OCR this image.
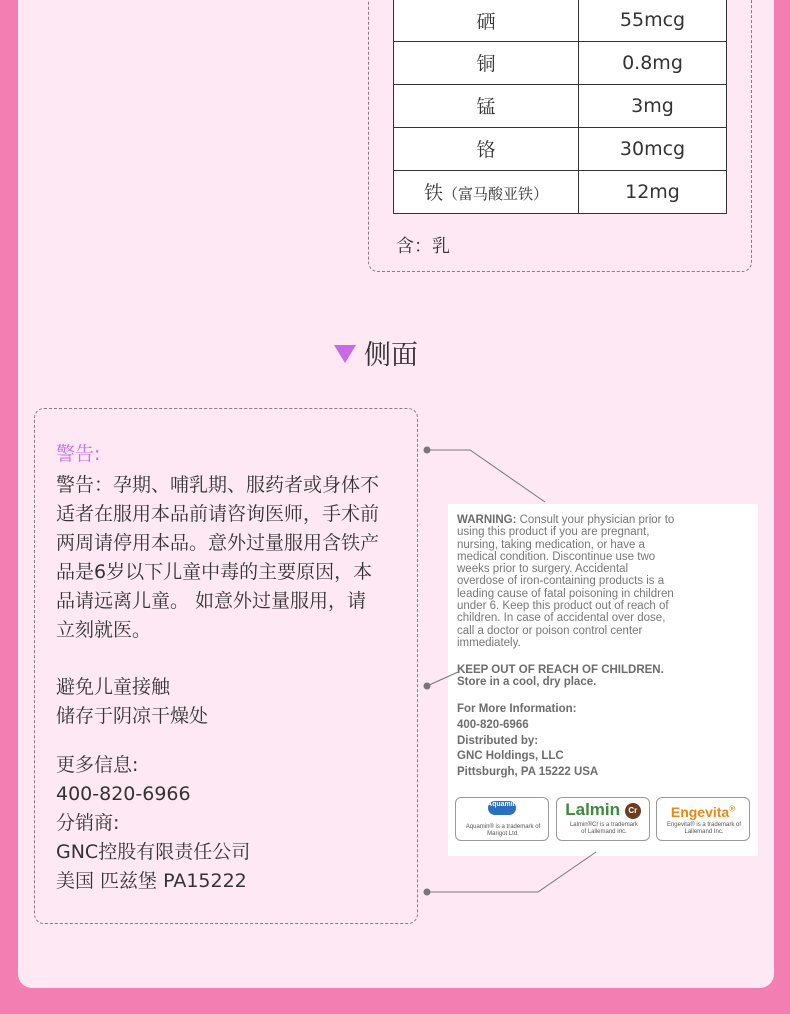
硒	55mcg
铜	0.8mg
锰	3mg
铬	30mcg
铁（富马酸亚铁）	12mg
含：乳
侧面
警告:
警告：孕期、哺乳期、服药者或身体不
适者在服用本品前请咨询医师，手术前
两周请停用本品。意外过量服用含铁产
品是6岁以下儿童中毒的主要原因，本
品请远离儿童。 如意外过量服用，请
立刻就医。
避免儿童接触
储存于阴凉干燥处
更多信息:
400-820-6966
分销商:
GNC控股有限责任公司
美国 匹兹堡 PA15222
WARNING: Consult your physician prior to
using this product if you are pregnant,
nursing, taking medication, or have a
medical condition. Discontinue use two
weeks prior to surgery. Accidental
overdose of iron-containing products is a
leading cause of fatal poisoning in children
under 6. Keep this product out of reach of
children. In case of accidental over dose,
call a doctor or poison control center
immediately.
KEEP OUT OF REACH OF CHILDREN.
Store in a cool, dry place.
For More Information:
400-820-6966
Distributed by:
GNC Holdings, LLC
Pittsburgh, PA 15222 USA
Aquamin
Aquamin® is a trademark of
Marigot Ltd.
Lalmin Cr
Lalmin®Cr is a trademark
of Lallemand Inc.
Engevita®
Engevita® is a trademark of
Lallemand Inc.
